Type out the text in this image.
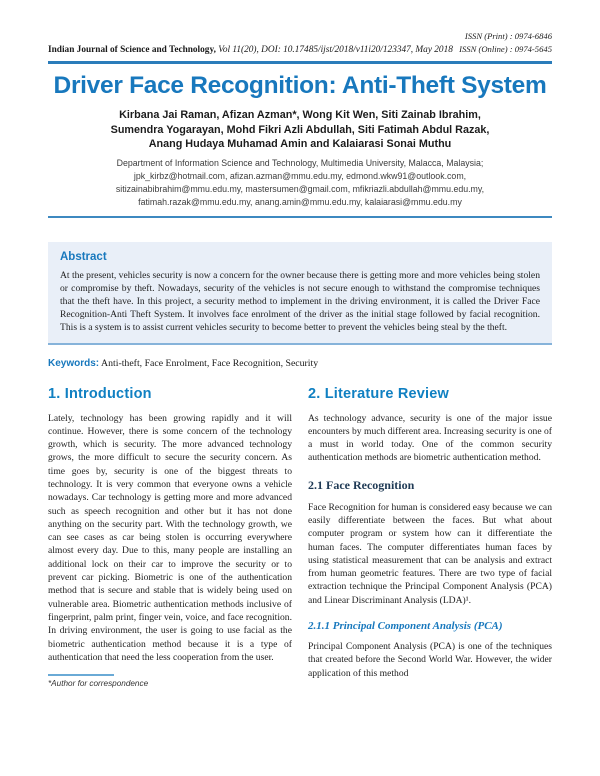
Indian Journal of Science and Technology, Vol 11(20), DOI: 10.17485/ijst/2018/v11i20/123347, May 2018
ISSN (Print) : 0974-6846
ISSN (Online) : 0974-5645
Driver Face Recognition: Anti-Theft System
Kirbana Jai Raman, Afizan Azman*, Wong Kit Wen, Siti Zainab Ibrahim,
Sumendra Yogarayan, Mohd Fikri Azli Abdullah, Siti Fatimah Abdul Razak,
Anang Hudaya Muhamad Amin and Kalaiarasi Sonai Muthu
Department of Information Science and Technology, Multimedia University, Malacca, Malaysia;
jpk_kirbz@hotmail.com, afizan.azman@mmu.edu.my, edmond.wkw91@outlook.com,
sitizainabibrahim@mmu.edu.my, mastersumen@gmail.com, mfikriazli.abdullah@mmu.edu.my,
fatimah.razak@mmu.edu.my, anang.amin@mmu.edu.my, kalaiarasi@mmu.edu.my
Abstract
At the present, vehicles security is now a concern for the owner because there is getting more and more vehicles being stolen or compromise by theft. Nowadays, security of the vehicles is not secure enough to withstand the compromise techniques that the theft have. In this project, a security method to implement in the driving environment, it is called the Driver Face Recognition-Anti Theft System. It involves face enrolment of the driver as the initial stage followed by facial recognition. This is a system is to assist current vehicles security to become better to prevent the vehicles being steal by the theft.
Keywords: Anti-theft, Face Enrolment, Face Recognition, Security
1. Introduction
Lately, technology has been growing rapidly and it will continue. However, there is some concern of the technology growth, which is security. The more advanced technology grows, the more difficult to secure the security concern. As time goes by, security is one of the biggest threats to technology. It is very common that everyone owns a vehicle nowadays. Car technology is getting more and more advanced such as speech recognition and other but it has not done anything on the security part. With the technology growth, we can see cases as car being stolen is occurring everywhere almost every day. Due to this, many people are installing an additional lock on their car to improve the security or to prevent car picking. Biometric is one of the authentication method that is secure and stable that is widely being used on vulnerable area. Biometric authentication methods inclusive of fingerprint, palm print, finger vein, voice, and face recognition. In driving environment, the user is going to use facial as the biometric authentication method because it is a type of authentication that need the less cooperation from the user.
*Author for correspondence
2. Literature Review
As technology advance, security is one of the major issue encounters by much different area. Increasing security is one of a must in world today. One of the common security authentication methods are biometric authentication method.
2.1 Face Recognition
Face Recognition for human is considered easy because we can easily differentiate between the faces. But what about computer program or system how can it differentiate the human faces. The computer differentiates human faces by using statistical measurement that can be analysis and extract from human geometric features. There are two type of facial extraction technique the Principal Component Analysis (PCA) and Linear Discriminant Analysis (LDA)¹.
2.1.1 Principal Component Analysis (PCA)
Principal Component Analysis (PCA) is one of the techniques that created before the Second World War. However, the wider application of this method
